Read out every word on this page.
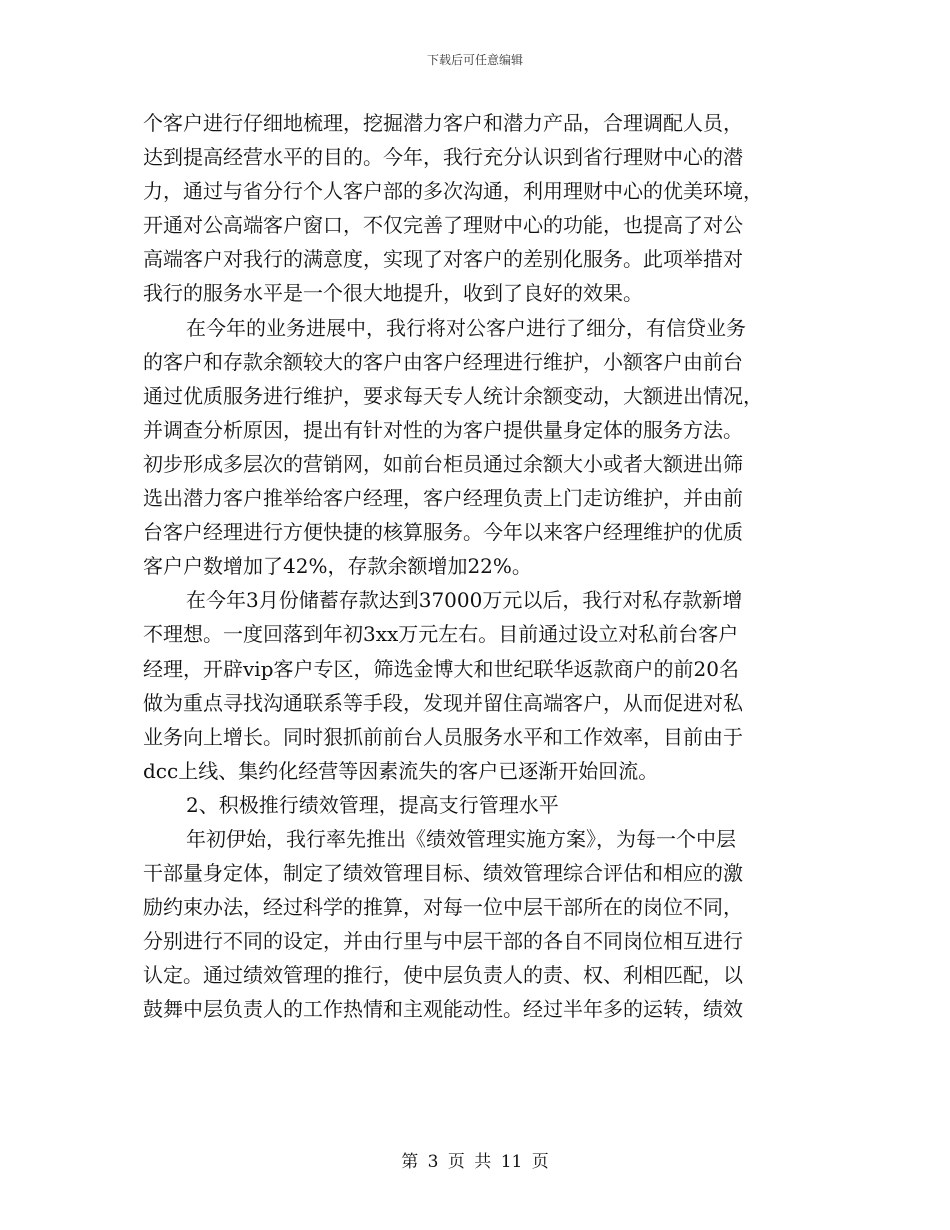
下载后可任意编辑
个客户进行仔细地梳理，挖掘潜力客户和潜力产品，合理调配人员，
达到提高经营水平的目的。今年，我行充分认识到省行理财中心的潜
力，通过与省分行个人客户部的多次沟通，利用理财中心的优美环境，
开通对公高端客户窗口，不仅完善了理财中心的功能，也提高了对公
高端客户对我行的满意度，实现了对客户的差别化服务。此项举措对
我行的服务水平是一个很大地提升，收到了良好的效果。
在今年的业务进展中，我行将对公客户进行了细分，有信贷业务
的客户和存款余额较大的客户由客户经理进行维护，小额客户由前台
通过优质服务进行维护，要求每天专人统计余额变动，大额进出情况，
并调查分析原因，提出有针对性的为客户提供量身定体的服务方法。
初步形成多层次的营销网，如前台柜员通过余额大小或者大额进出筛
选出潜力客户推举给客户经理，客户经理负责上门走访维护，并由前
台客户经理进行方便快捷的核算服务。今年以来客户经理维护的优质
客户户数增加了42%，存款余额增加22%。
在今年3月份储蓄存款达到37000万元以后，我行对私存款新增
不理想。一度回落到年初3xx万元左右。目前通过设立对私前台客户
经理，开辟vip客户专区，筛选金博大和世纪联华返款商户的前20名
做为重点寻找沟通联系等手段，发现并留住高端客户，从而促进对私
业务向上增长。同时狠抓前前台人员服务水平和工作效率，目前由于
dcc上线、集约化经营等因素流失的客户已逐渐开始回流。
2、积极推行绩效管理，提高支行管理水平
年初伊始，我行率先推出《绩效管理实施方案》，为每一个中层
干部量身定体，制定了绩效管理目标、绩效管理综合评估和相应的激
励约束办法，经过科学的推算，对每一位中层干部所在的岗位不同，
分别进行不同的设定，并由行里与中层干部的各自不同岗位相互进行
认定。通过绩效管理的推行，使中层负责人的责、权、利相匹配，以
鼓舞中层负责人的工作热情和主观能动性。经过半年多的运转，绩效
第 3 页 共 11 页
